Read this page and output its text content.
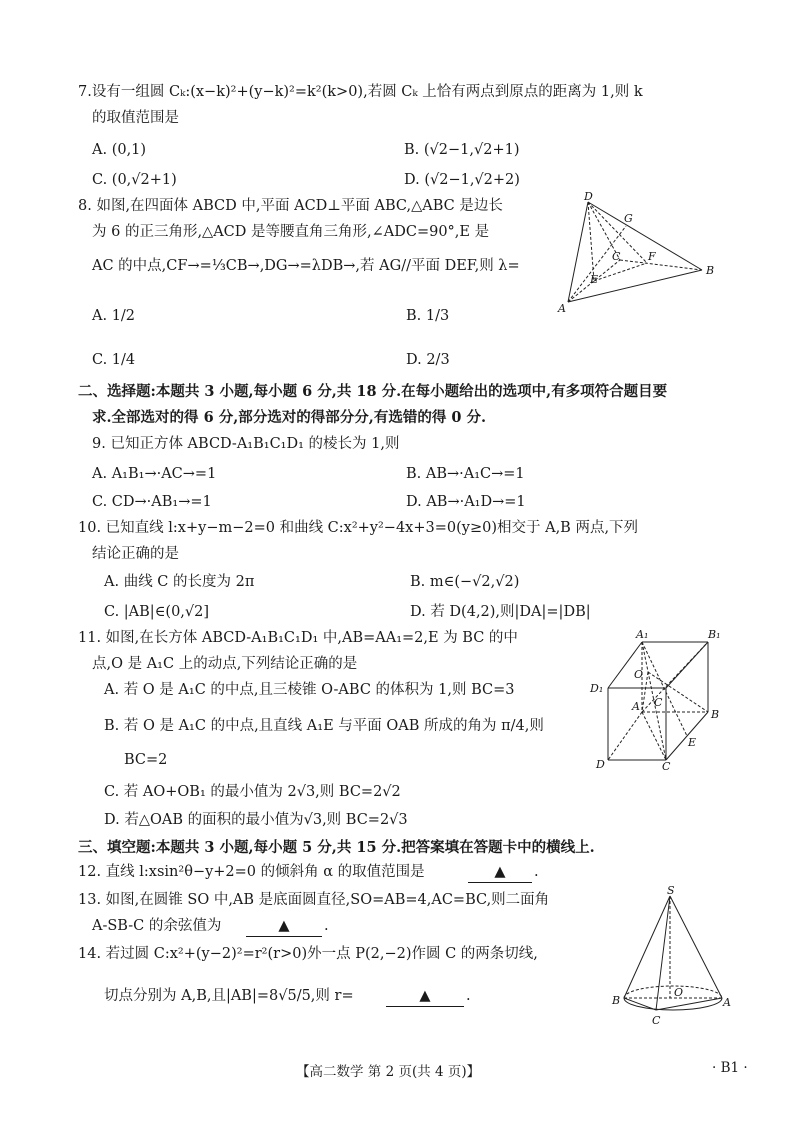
7.设有一组圆 Cₖ:(x−k)²+(y−k)²=k²(k>0),若圆 Cₖ 上恰有两点到原点的距离为 1,则 k
的取值范围是
A. (0,1)	B. (√2−1,√2+1)
C. (0,√2+1)	D. (√2−1,√2+2)
8. 如图,在四面体 ABCD 中,平面 ACD⊥平面 ABC,△ABC 是边长
为 6 的正三角形,△ACD 是等腰直角三角形,∠ADC=90°,E 是
AC 的中点,CF→=⅓CB→,DG→=λDB→,若 AG//平面 DEF,则 λ=
A. 1/2	B. 1/3
C. 1/4	D. 2/3
D
G
F
C
E
A
B
二、选择题:本题共 3 小题,每小题 6 分,共 18 分.在每小题给出的选项中,有多项符合题目要
求.全部选对的得 6 分,部分选对的得部分分,有选错的得 0 分.
9. 已知正方体 ABCD-A₁B₁C₁D₁ 的棱长为 1,则
A. A₁B₁→·AC→=1	B. AB→·A₁C→=1
C. CD→·AB₁→=1	D. AB→·A₁D→=1
10. 已知直线 l:x+y−m−2=0 和曲线 C:x²+y²−4x+3=0(y≥0)相交于 A,B 两点,下列
结论正确的是
A. 曲线 C 的长度为 2π	B. m∈(−√2,√2)
C. |AB|∈(0,√2]	D. 若 D(4,2),则|DA|=|DB|
11. 如图,在长方体 ABCD-A₁B₁C₁D₁ 中,AB=AA₁=2,E 为 BC 的中
点,O 是 A₁C 上的动点,下列结论正确的是
A. 若 O 是 A₁C 的中点,且三棱锥 O-ABC 的体积为 1,则 BC=3
B. 若 O 是 A₁C 的中点,且直线 A₁E 与平面 OAB 所成的角为 π/4,则
BC=2
C. 若 AO+OB₁ 的最小值为 2√3,则 BC=2√2
D. 若△OAB 的面积的最小值为√3,则 BC=2√3
A₁	B₁
D₁
O
A C
B
E
D	C
三、填空题:本题共 3 小题,每小题 5 分,共 15 分.把答案填在答题卡中的横线上.
12. 直线 l:xsin²θ−y+2=0 的倾斜角 α 的取值范围是	▲	.
13. 如图,在圆锥 SO 中,AB 是底面圆直径,SO=AB=4,AC=BC,则二面角
A-SB-C 的余弦值为	▲	.
S
B
O
A
C
14. 若过圆 C:x²+(y−2)²=r²(r>0)外一点 P(2,−2)作圆 C 的两条切线,
切点分别为 A,B,且|AB|=8√5/5,则 r=	▲	.
【高二数学 第 2 页(共 4 页)】	· B1 ·
